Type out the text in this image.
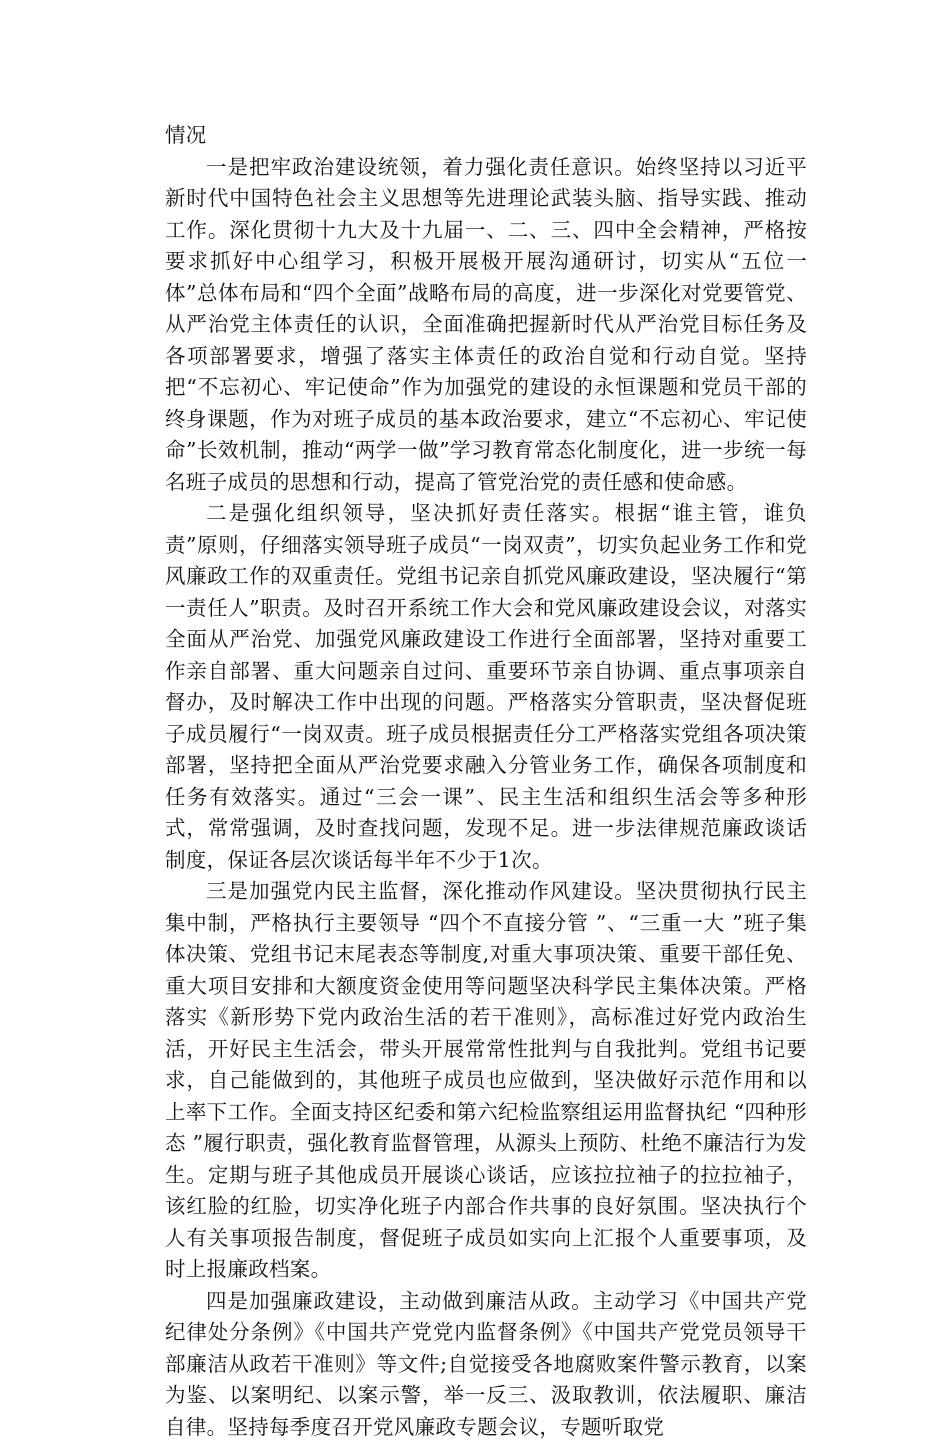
情况

一是把牢政治建设统领，着力强化责任意识。始终坚持以习近平新时代中国特色社会主义思想等先进理论武装头脑、指导实践、推动工作。深化贯彻十九大及十九届一、二、三、四中全会精神，严格按要求抓好中心组学习，积极开展极开展沟通研讨，切实从“五位一体”总体布局和“四个全面”战略布局的高度，进一步深化对党要管党、从严治党主体责任的认识，全面准确把握新时代从严治党目标任务及各项部署要求，增强了落实主体责任的政治自觉和行动自觉。坚持把“不忘初心、牢记使命”作为加强党的建设的永恒课题和党员干部的终身课题，作为对班子成员的基本政治要求，建立“不忘初心、牢记使命”长效机制，推动“两学一做”学习教育常态化制度化，进一步统一每名班子成员的思想和行动，提高了管党治党的责任感和使命感。

二是强化组织领导，坚决抓好责任落实。根据“谁主管，谁负责”原则，仔细落实领导班子成员“一岗双责”，切实负起业务工作和党风廉政工作的双重责任。党组书记亲自抓党风廉政建设，坚决履行“第一责任人”职责。及时召开系统工作大会和党风廉政建设会议，对落实全面从严治党、加强党风廉政建设工作进行全面部署，坚持对重要工作亲自部署、重大问题亲自过问、重要环节亲自协调、重点事项亲自督办，及时解决工作中出现的问题。严格落实分管职责，坚决督促班子成员履行“一岗双责。班子成员根据责任分工严格落实党组各项决策部署，坚持把全面从严治党要求融入分管业务工作，确保各项制度和任务有效落实。通过“三会一课”、民主生活和组织生活会等多种形式，常常强调，及时查找问题，发现不足。进一步法律规范廉政谈话制度，保证各层次谈话每半年不少于1次。

三是加强党内民主监督，深化推动作风建设。坚决贯彻执行民主集中制，严格执行主要领导 “四个不直接分管 ”、“三重一大 ”班子集体决策、党组书记末尾表态等制度,对重大事项决策、重要干部任免、重大项目安排和大额度资金使用等问题坚决科学民主集体决策。严格落实《新形势下党内政治生活的若干准则》，高标准过好党内政治生活，开好民主生活会，带头开展常常性批判与自我批判。党组书记要求，自己能做到的，其他班子成员也应做到，坚决做好示范作用和以上率下工作。全面支持区纪委和第六纪检监察组运用监督执纪 “四种形态 ”履行职责，强化教育监督管理，从源头上预防、杜绝不廉洁行为发生。定期与班子其他成员开展谈心谈话，应该拉拉袖子的拉拉袖子，该红脸的红脸，切实净化班子内部合作共事的良好氛围。坚决执行个人有关事项报告制度，督促班子成员如实向上汇报个人重要事项，及时上报廉政档案。

四是加强廉政建设，主动做到廉洁从政。主动学习《中国共产党纪律处分条例》《中国共产党党内监督条例》《中国共产党党员领导干部廉洁从政若干准则》等文件;自觉接受各地腐败案件警示教育，以案为鉴、以案明纪、以案示警，举一反三、汲取教训，依法履职、廉洁自律。坚持每季度召开党风廉政专题会议，专题听取党
